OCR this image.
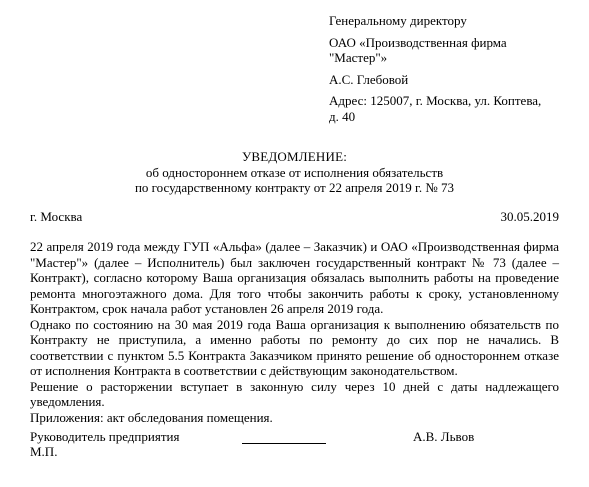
Генеральному директору

ОАО «Производственная фирма

"Мастер"»

А.С. Глебовой

Адрес: 125007, г. Москва, ул. Коптева,

д. 40

УВЕДОМЛЕНИЕ:

об одностороннем отказе от исполнения обязательств

по государственному контракту от 22 апреля 2019 г. № 73

г. Москва	30.05.2019

22 апреля 2019 года между ГУП «Альфа» (далее – Заказчик) и ОАО «Производственная фирма "Мастер"» (далее – Исполнитель) был заключен государственный контракт № 73 (далее – Контракт), согласно которому Ваша организация обязалась выполнить работы на проведение ремонта многоэтажного дома. Для того чтобы закончить работы к сроку, установленному Контрактом, срок начала работ установлен 26 апреля 2019 года.

Однако по состоянию на 30 мая 2019 года Ваша организация к выполнению обязательств по Контракту не приступила, а именно работы по ремонту до сих пор не начались. В соответствии с пунктом 5.5 Контракта Заказчиком принято решение об одностороннем отказе от исполнения Контракта в соответствии с действующим законодательством.

Решение о расторжении вступает в законную силу через 10 дней с даты надлежащего уведомления.

Приложения: акт обследования помещения.

Руководитель предприятия	А.В. Львов
М.П.
